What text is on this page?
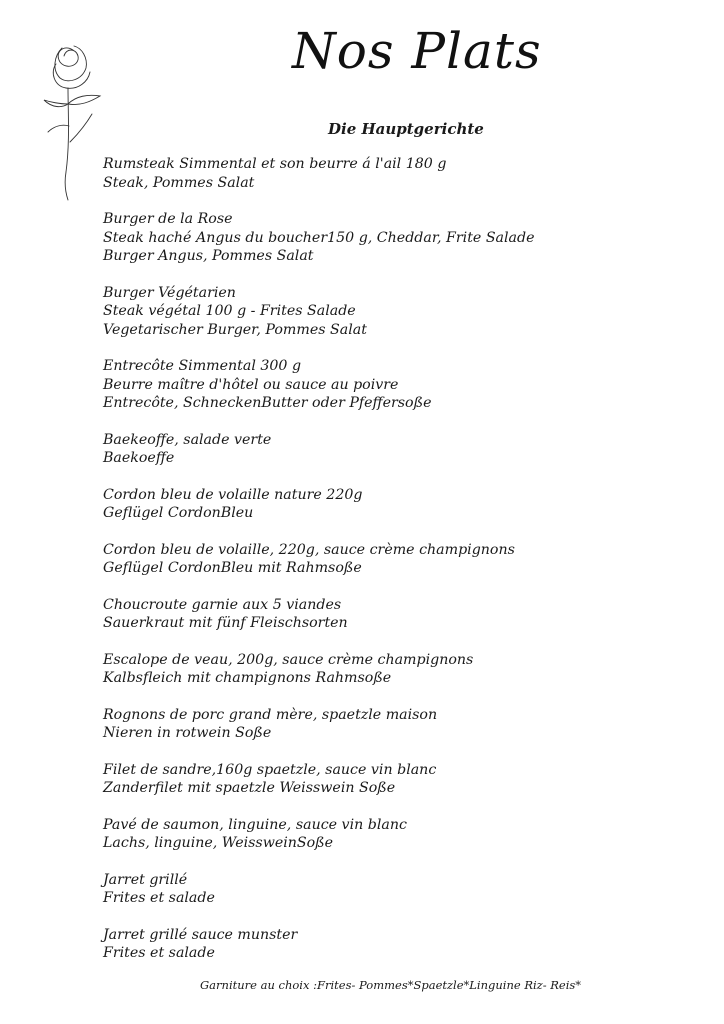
Nos Plats
Die Hauptgerichte
Rumsteak Simmental et son beurre á l'ail 180 g
Steak, Pommes Salat
Burger de la Rose
Steak haché Angus du boucher150 g, Cheddar, Frite Salade
Burger Angus, Pommes Salat
Burger Végétarien
Steak végétal 100 g - Frites Salade
Vegetarischer Burger, Pommes Salat
Entrecôte Simmental 300 g
Beurre maître d'hôtel ou sauce au poivre
Entrecôte, SchneckenButter oder Pfeffersoße
Baekeoffe, salade verte
Baekoeffe
Cordon bleu de volaille nature 220g
Geflügel CordonBleu
Cordon bleu de volaille, 220g, sauce crème champignons
Geflügel CordonBleu mit Rahmsoße
Choucroute garnie aux 5 viandes
Sauerkraut mit fünf Fleischsorten
Escalope de veau, 200g, sauce crème champignons
Kalbsfleich mit champignons Rahmsoße
Rognons de porc grand mère, spaetzle maison
Nieren in rotwein Soße
Filet de sandre,160g spaetzle, sauce vin blanc
Zanderfilet mit spaetzle Weisswein Soße
Pavé de saumon, linguine, sauce vin blanc
Lachs, linguine, WeissweinSoße
Jarret grillé
Frites et salade
Jarret grillé sauce munster
Frites et salade
Garniture au choix :Frites- Pommes*Spaetzle*Linguine Riz- Reis*
